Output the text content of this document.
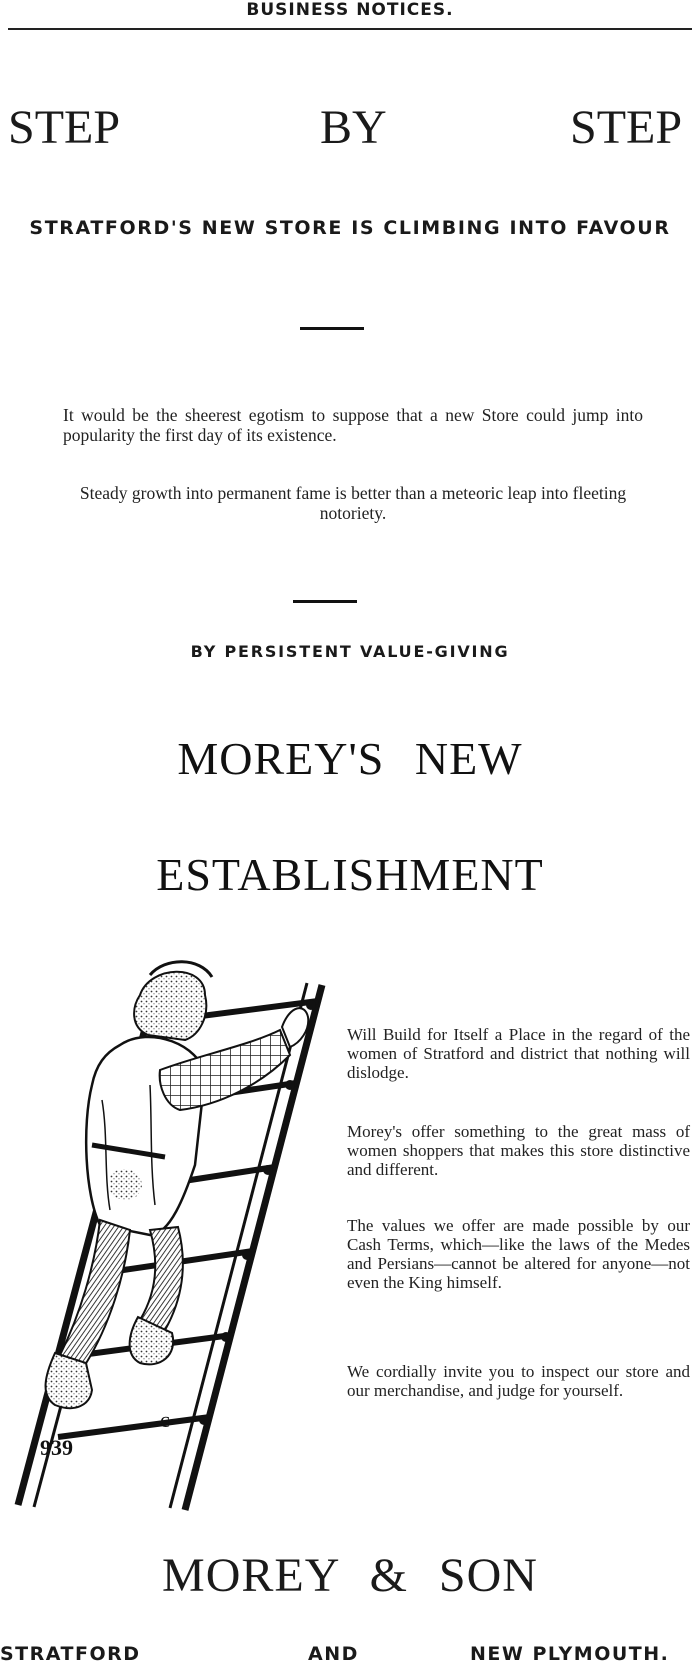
BUSINESS NOTICES.
STEP	BY	STEP
STRATFORD'S NEW STORE IS CLIMBING INTO FAVOUR
It would be the sheerest egotism to suppose that a new Store could jump into popularity the first day of its existence.
Steady growth into permanent fame is better than a meteoric leap into fleeting notoriety.
BY PERSISTENT VALUE-GIVING
MOREY'S NEW
ESTABLISHMENT
939
c
Will Build for Itself a Place in the regard of the women of Stratford and district that nothing will dislodge.
Morey's offer something to the great mass of women shoppers that makes this store distinctive and different.
The values we offer are made possible by our Cash Terms, which—like the laws of the Medes and Persians—cannot be altered for anyone—not even the King himself.
We cordially invite you to inspect our store and our merchandise, and judge for yourself.
MOREY & SON
STRATFORD	AND	NEW PLYMOUTH.
